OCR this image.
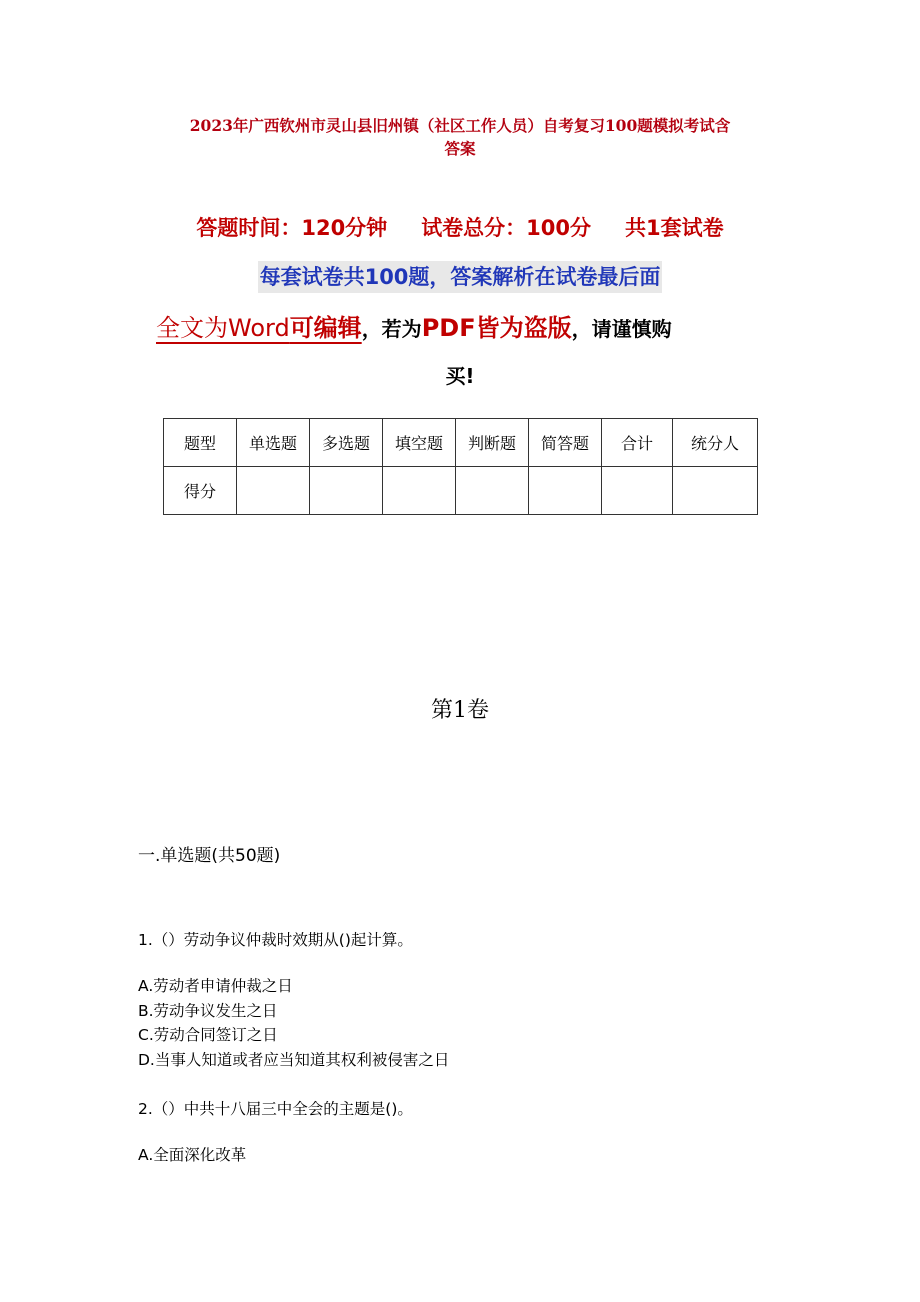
2023年广西钦州市灵山县旧州镇（社区工作人员）自考复习100题模拟考试含
答案
答题时间：120分钟 试卷总分：100分 共1套试卷
每套试卷共100题，答案解析在试卷最后面
全文为Word可编辑，若为PDF皆为盗版，请谨慎购
买!
题型	单选题	多选题	填空题	判断题	简答题	合计	统分人
得分							
第1卷
一.单选题(共50题)
1.（）劳动争议仲裁时效期从()起计算。
A.劳动者申请仲裁之日
B.劳动争议发生之日
C.劳动合同签订之日
D.当事人知道或者应当知道其权利被侵害之日
2.（）中共十八届三中全会的主题是()。
A.全面深化改革
